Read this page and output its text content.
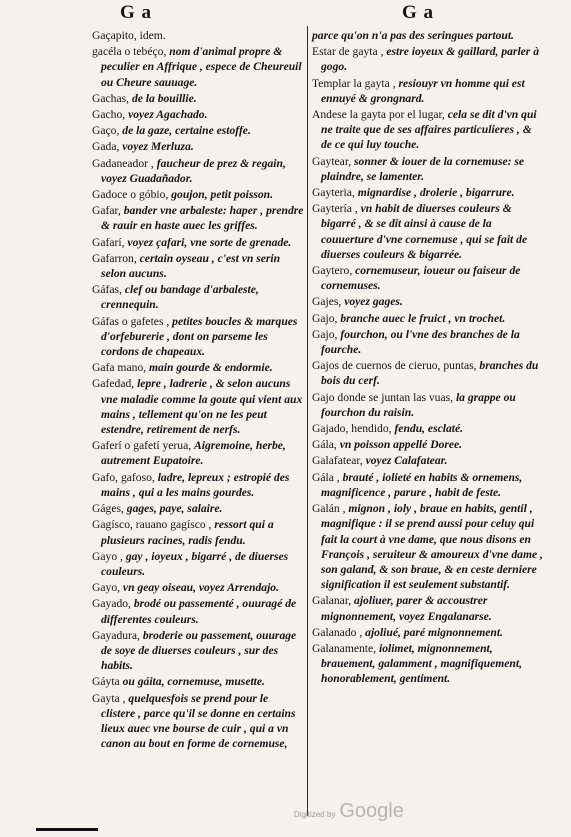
G a	G a

Gaçapito, idem.

gacéla o tebéço, nom d'animal propre & peculier en Affrique , espece de Cheureuil ou Cheure sauuage.

Gachas, de la bouillie.

Gacho, voyez Agachado.

Gaço, de la gaze, certaine estoffe.

Gada, voyez Merluza.

Gadaneador , faucheur de prez & regain, voyez Guadañador.

Gadoce o góbio, goujon, petit poisson.

Gafar, bander vne arbaleste: haper , prendre & rauir en haste auec les griffes.

Gafarí, voyez çafari, vne sorte de grenade.

Gafarron, certain oyseau , c'est vn serin selon aucuns.

Gáfas, clef ou bandage d'arbaleste, crennequin.

Gáfas o gafetes , petites boucles & marques d'orfeburerie , dont on parseme les cordons de chapeaux.

Gafa mano, main gourde & endormie.

Gafedad, lepre , ladrerie , & selon aucuns vne maladie comme la goute qui vient aux mains , tellement qu'on ne les peut estendre, retirement de nerfs.

Gaferí o gafetí yerua, Aigremoine, herbe, autrement Eupatoire.

Gafo, gafoso, ladre, lepreux ; estropié des mains , qui a les mains gourdes.

Gáges, gages, paye, salaire.

Gagísco, rauano gagísco , ressort qui a plusieurs racines, radis fendu.

Gayo , gay , ioyeux , bigarré , de diuerses couleurs.

Gayo, vn geay oiseau, voyez Arrendajo.

Gayado, brodé ou passementé , ouuragé de differentes couleurs.

Gayadura, broderie ou passement, ouurage de soye de diuerses couleurs , sur des habits.

Gáyta ou gáita, cornemuse, musette.

Gayta , quelquesfois se prend pour le clistere , parce qu'il se donne en certains lieux auec vne bourse de cuir , qui a vn canon au bout en forme de cornemuse,

parce qu'on n'a pas des seringues partout.

Estar de gayta , estre ioyeux & gaillard, parler à gogo.

Templar la gayta , resiouyr vn homme qui est ennuyé & grongnard.

Andese la gayta por el lugar, cela se dit d'vn qui ne traite que de ses affaires particulieres , & de ce qui luy touche.

Gaytear, sonner & iouer de la cornemuse: se plaindre, se lamenter.

Gayteria, mignardise , drolerie , bigarrure.

Gaytería , vn habit de diuerses couleurs & bigarré , & se dit ainsi à cause de la couuerture d'vne cornemuse , qui se fait de diuerses couleurs & bigarrée.

Gaytero, cornemuseur, ioueur ou faiseur de cornemuses.

Gajes, voyez gages.

Gajo, branche auec le fruict , vn trochet.

Gajo, fourchon, ou l'vne des branches de la fourche.

Gajos de cuernos de cieruo, puntas, branches du bois du cerf.

Gajo donde se juntan las vuas, la grappe ou fourchon du raisin.

Gajado, hendido, fendu, esclaté.

Gála, vn poisson appellé Doree.

Galafatear, voyez Calafatear.

Gála , brauté , iolieté en habits & ornemens, magnificence , parure , habit de feste.

Galán , mignon , ioly , braue en habits, gentil , magnifique : il se prend aussi pour celuy qui fait la court à vne dame, que nous disons en François , seruiteur & amoureux d'vne dame , son galand, & son braue, & en ceste derniere signification il est seulement substantif.

Galanar, ajoliuer, parer & accoustrer mignonnement, voyez Engalanarse.

Galanado , ajoliué, paré mignonnement.

Galanamente, iolimet, mignonnement, brauement, galamment , magnifiquement, honorablement, gentiment.

Digitized by Google
